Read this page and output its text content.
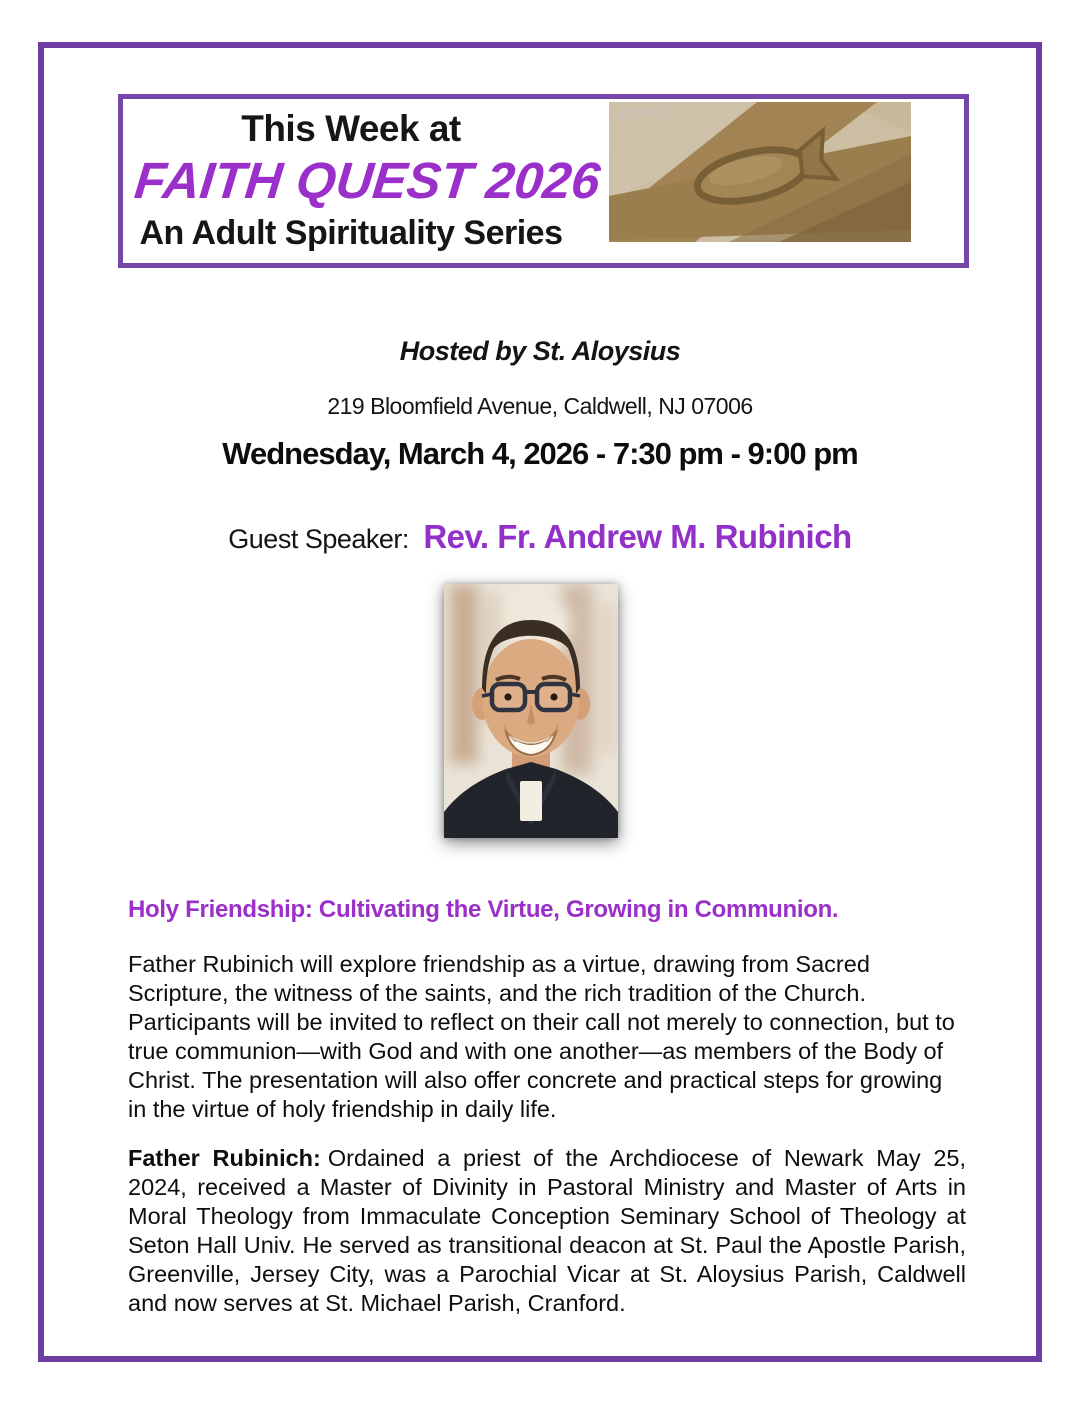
This Week at
FAITH QUEST 2026
An Adult Spirituality Series
corbis
Hosted by St. Aloysius
219 Bloomfield Avenue, Caldwell, NJ 07006
Wednesday, March 4, 2026 - 7:30 pm - 9:00 pm
Guest Speaker: Rev. Fr. Andrew M. Rubinich
Holy Friendship: Cultivating the Virtue, Growing in Communion.

Father Rubinich will explore friendship as a virtue, drawing from Sacred Scripture, the witness of the saints, and the rich tradition of the Church. Participants will be invited to reflect on their call not merely to connection, but to true communion—with God and with one another—as members of the Body of Christ. The presentation will also offer concrete and practical steps for growing in the virtue of holy friendship in daily life.

Father Rubinich: Ordained a priest of the Archdiocese of Newark May 25, 2024, received a Master of Divinity in Pastoral Ministry and Master of Arts in Moral Theology from Immaculate Conception Seminary School of Theology at Seton Hall Univ. He served as transitional deacon at St. Paul the Apostle Parish, Greenville, Jersey City, was a Parochial Vicar at St. Aloysius Parish, Caldwell and now serves at St. Michael Parish, Cranford.
